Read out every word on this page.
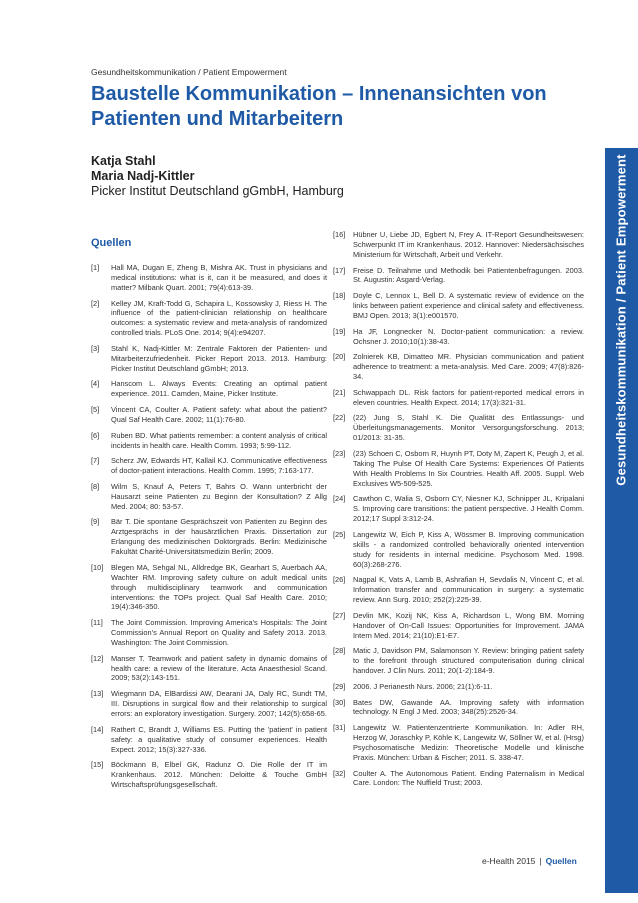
Gesundheitskommunikation / Patient Empowerment
Baustelle Kommunikation – Innenansichten von Patienten und Mitarbeitern
Katja Stahl
Maria Nadj-Kittler
Picker Institut Deutschland gGmbH, Hamburg	Gesundheitskommunikation / Patient Empowerment
Quellen
[1]	Hall MA, Dugan E, Zheng B, Mishra AK. Trust in physicians and medical institutions: what is it, can it be measured, and does it matter? Milbank Quart. 2001; 79(4):613-39.
[2]	Kelley JM, Kraft-Todd G, Schapira L, Kossowsky J, Riess H. The influence of the patient-clinician relationship on healthcare outcomes: a systematic review and meta-analysis of randomized controlled trials. PLoS One. 2014; 9(4):e94207.
[3]	Stahl K, Nadj-Kittler M: Zentrale Faktoren der Patienten- und Mitarbeiterzufriedenheit. Picker Report 2013. 2013. Hamburg: Picker Institut Deutschland gGmbH; 2013.
[4]	Hanscom L. Always Events: Creating an optimal patient experience. 2011. Camden, Maine, Picker Institute.
[5]	Vincent CA, Coulter A. Patient safety: what about the patient? Qual Saf Health Care. 2002; 11(1):76-80.
[6]	Ruben BD. What patients remember: a content analysis of critical incidents in health care. Health Comm. 1993; 5:99-112.
[7]	Scherz JW, Edwards HT, Kallail KJ. Communicative effectiveness of doctor-patient interactions. Health Comm. 1995; 7:163-177.
[8]	Wilm S, Knauf A, Peters T, Bahrs O. Wann unterbricht der Hausarzt seine Patienten zu Beginn der Konsultation? Z Allg Med. 2004; 80: 53-57.
[9]	Bär T. Die spontane Gesprächszeit von Patienten zu Beginn des Arztgesprächs in der hausärztlichen Praxis. Dissertation zur Erlangung des medizinischen Doktorgrads. Berlin: Medizinische Fakultät Charité-Universitätsmedizin Berlin; 2009.
[10]	Blegen MA, Sehgal NL, Alldredge BK, Gearhart S, Auerbach AA, Wachter RM. Improving safety culture on adult medical units through multidisciplinary teamwork and communication interventions: the TOPs project. Qual Saf Health Care. 2010; 19(4):346-350.
[11]	The Joint Commission. Improving America's Hospitals: The Joint Commission's Annual Report on Quality and Safety 2013. 2013. Washington: The Joint Commission.
[12]	Manser T. Teamwork and patient safety in dynamic domains of health care: a review of the literature. Acta Anaesthesiol Scand. 2009; 53(2):143-151.
[13]	Wiegmann DA, ElBardissi AW, Dearani JA, Daly RC, Sundt TM, III. Disruptions in surgical flow and their relationship to surgical errors: an exploratory investigation. Surgery. 2007; 142(5):658-65.
[14]	Rathert C, Brandt J, Williams ES. Putting the 'patient' in patient safety: a qualitative study of consumer experiences. Health Expect. 2012; 15(3):327-336.
[15]	Böckmann B, Elbel GK, Radunz O. Die Rolle der IT im Krankenhaus. 2012. München: Deloitte & Touche GmbH Wirtschaftsprüfungsgesellschaft.
[16]	Hübner U, Liebe JD, Egbert N, Frey A. IT-Report Gesundheitswesen: Schwerpunkt IT im Krankenhaus. 2012. Hannover: Niedersächsisches Ministerium für Wirtschaft, Arbeit und Verkehr.
[17]	Freise D. Teilnahme und Methodik bei Patientenbefragungen. 2003. St. Augustin: Asgard-Verlag.
[18]	Doyle C, Lennox L, Bell D. A systematic review of evidence on the links between patient experience and clinical safety and effectiveness. BMJ Open. 2013; 3(1):e001570.
[19]	Ha JF, Longnecker N. Doctor-patient communication: a review. Ochsner J. 2010;10(1):38-43.
[20]	Zolnierek KB, Dimatteo MR. Physician communication and patient adherence to treatment: a meta-analysis. Med Care. 2009; 47(8):826-34.
[21]	Schwappach DL. Risk factors for patient-reported medical errors in eleven countries. Health Expect. 2014; 17(3):321-31.
[22]	(22) Jung S, Stahl K. Die Qualität des Entlassungs- und Überleitungsmanagements. Monitor Versorgungsforschung. 2013; 01/2013: 31-35.
[23]	(23) Schoen C, Osborn R, Huynh PT, Doty M, Zapert K, Peugh J, et al. Taking The Pulse Of Health Care Systems: Experiences Of Patients With Health Problems In Six Countries. Health Aff. 2005. Suppl. Web Exclusives W5-509-525.
[24]	Cawthon C, Walia S, Osborn CY, Niesner KJ, Schnipper JL, Kripalani S. Improving care transitions: the patient perspective. J Health Comm. 2012;17 Suppl 3:312-24.
[25]	Langewitz W, Eich P, Kiss A, Wössmer B. Improving communication skills - a randomized controlled behaviorally oriented intervention study for residents in internal medicine. Psychosom Med. 1998. 60(3):268-276.
[26]	Nagpal K, Vats A, Lamb B, Ashrafian H, Sevdalis N, Vincent C, et al. Information transfer and communication in surgery: a systematic review. Ann Surg. 2010; 252(2):225-39.
[27]	Devlin MK, Kozij NK, Kiss A, Richardson L, Wong BM. Morning Handover of On-Call Issues: Opportunities for Improvement. JAMA Intern Med. 2014; 21(10):E1-E7.
[28]	Matic J, Davidson PM, Salamonson Y. Review: bringing patient safety to the forefront through structured computerisation during clinical handover. J Clin Nurs. 2011; 20(1-2):184-9.
[29]	2006. J Perianesth Nurs. 2006; 21(1):6-11.
[30]	Bates DW, Gawande AA. Improving safety with information technology. N Engl J Med. 2003; 348(25):2526-34.
[31]	Langewitz W. Patientenzentrierte Kommunikation. In: Adler RH, Herzog W, Joraschky P, Köhle K, Langewitz W, Söllner W, et al. (Hrsg) Psychosomatische Medizin: Theoretische Modelle und klinische Praxis. München: Urban & Fischer; 2011. S. 338-47.
[32]	Coulter A. The Autonomous Patient. Ending Paternalism in Medical Care. London: The Nuffield Trust; 2003.
e-Health 2015 | Quellen
